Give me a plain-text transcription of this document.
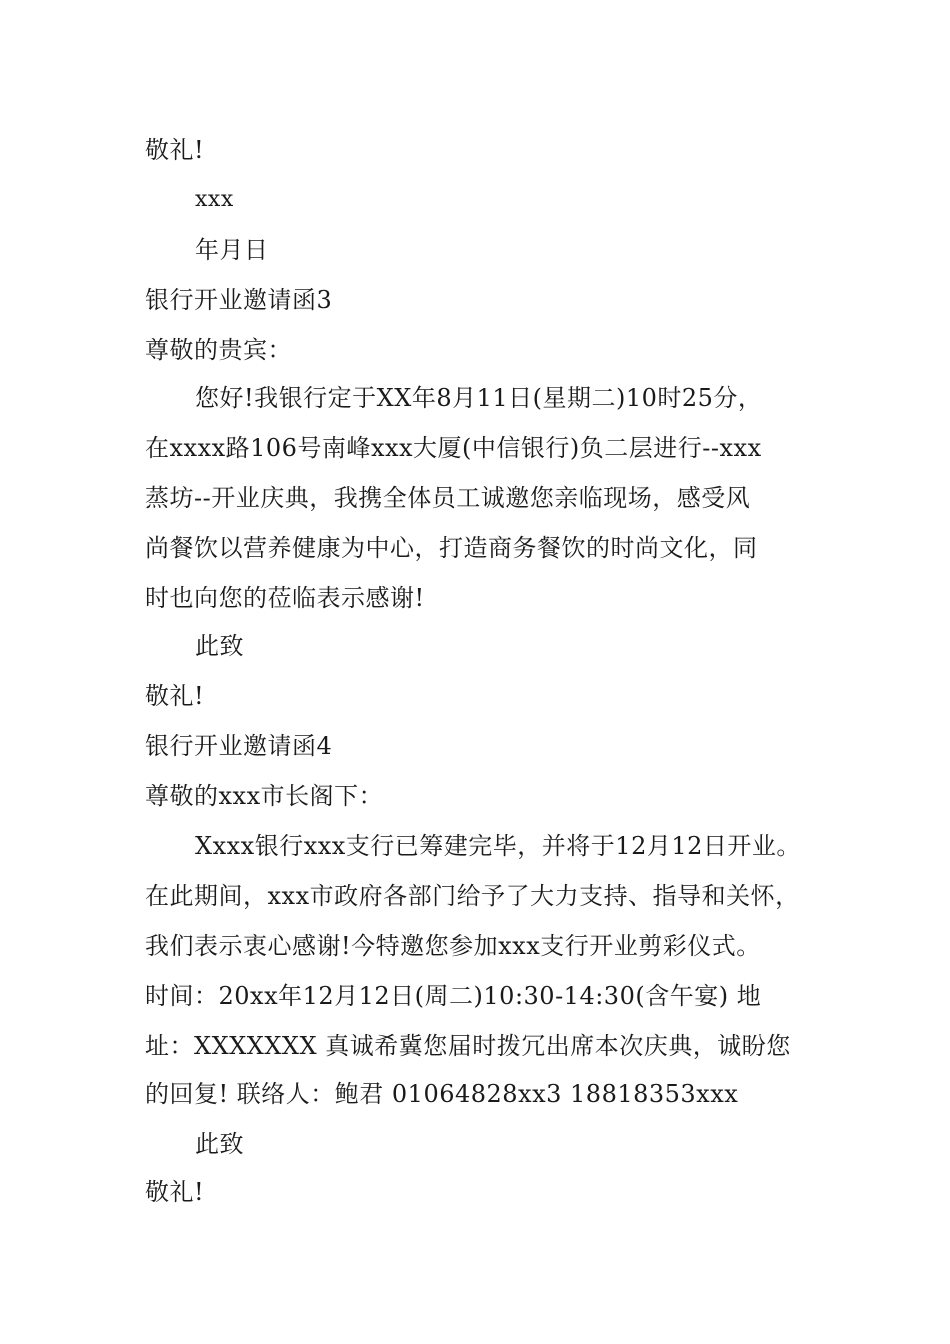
敬礼!
xxx
年月日
银行开业邀请函3
尊敬的贵宾：
您好!我银行定于XX年8月11日(星期二)10时25分，
在xxxx路106号南峰xxx大厦(中信银行)负二层进行--xxx
蒸坊--开业庆典，我携全体员工诚邀您亲临现场，感受风
尚餐饮以营养健康为中心，打造商务餐饮的时尚文化，同
时也向您的莅临表示感谢!
此致
敬礼!
银行开业邀请函4
尊敬的xxx市长阁下：
Xxxx银行xxx支行已筹建完毕，并将于12月12日开业。
在此期间，xxx市政府各部门给予了大力支持、指导和关怀，
我们表示衷心感谢!今特邀您参加xxx支行开业剪彩仪式。
时间：20xx年12月12日(周二)10:30-14:30(含午宴) 地
址：XXXXXXX 真诚希冀您届时拨冗出席本次庆典，诚盼您
的回复! 联络人：鲍君 01064828xx3 18818353xxx
此致
敬礼!
